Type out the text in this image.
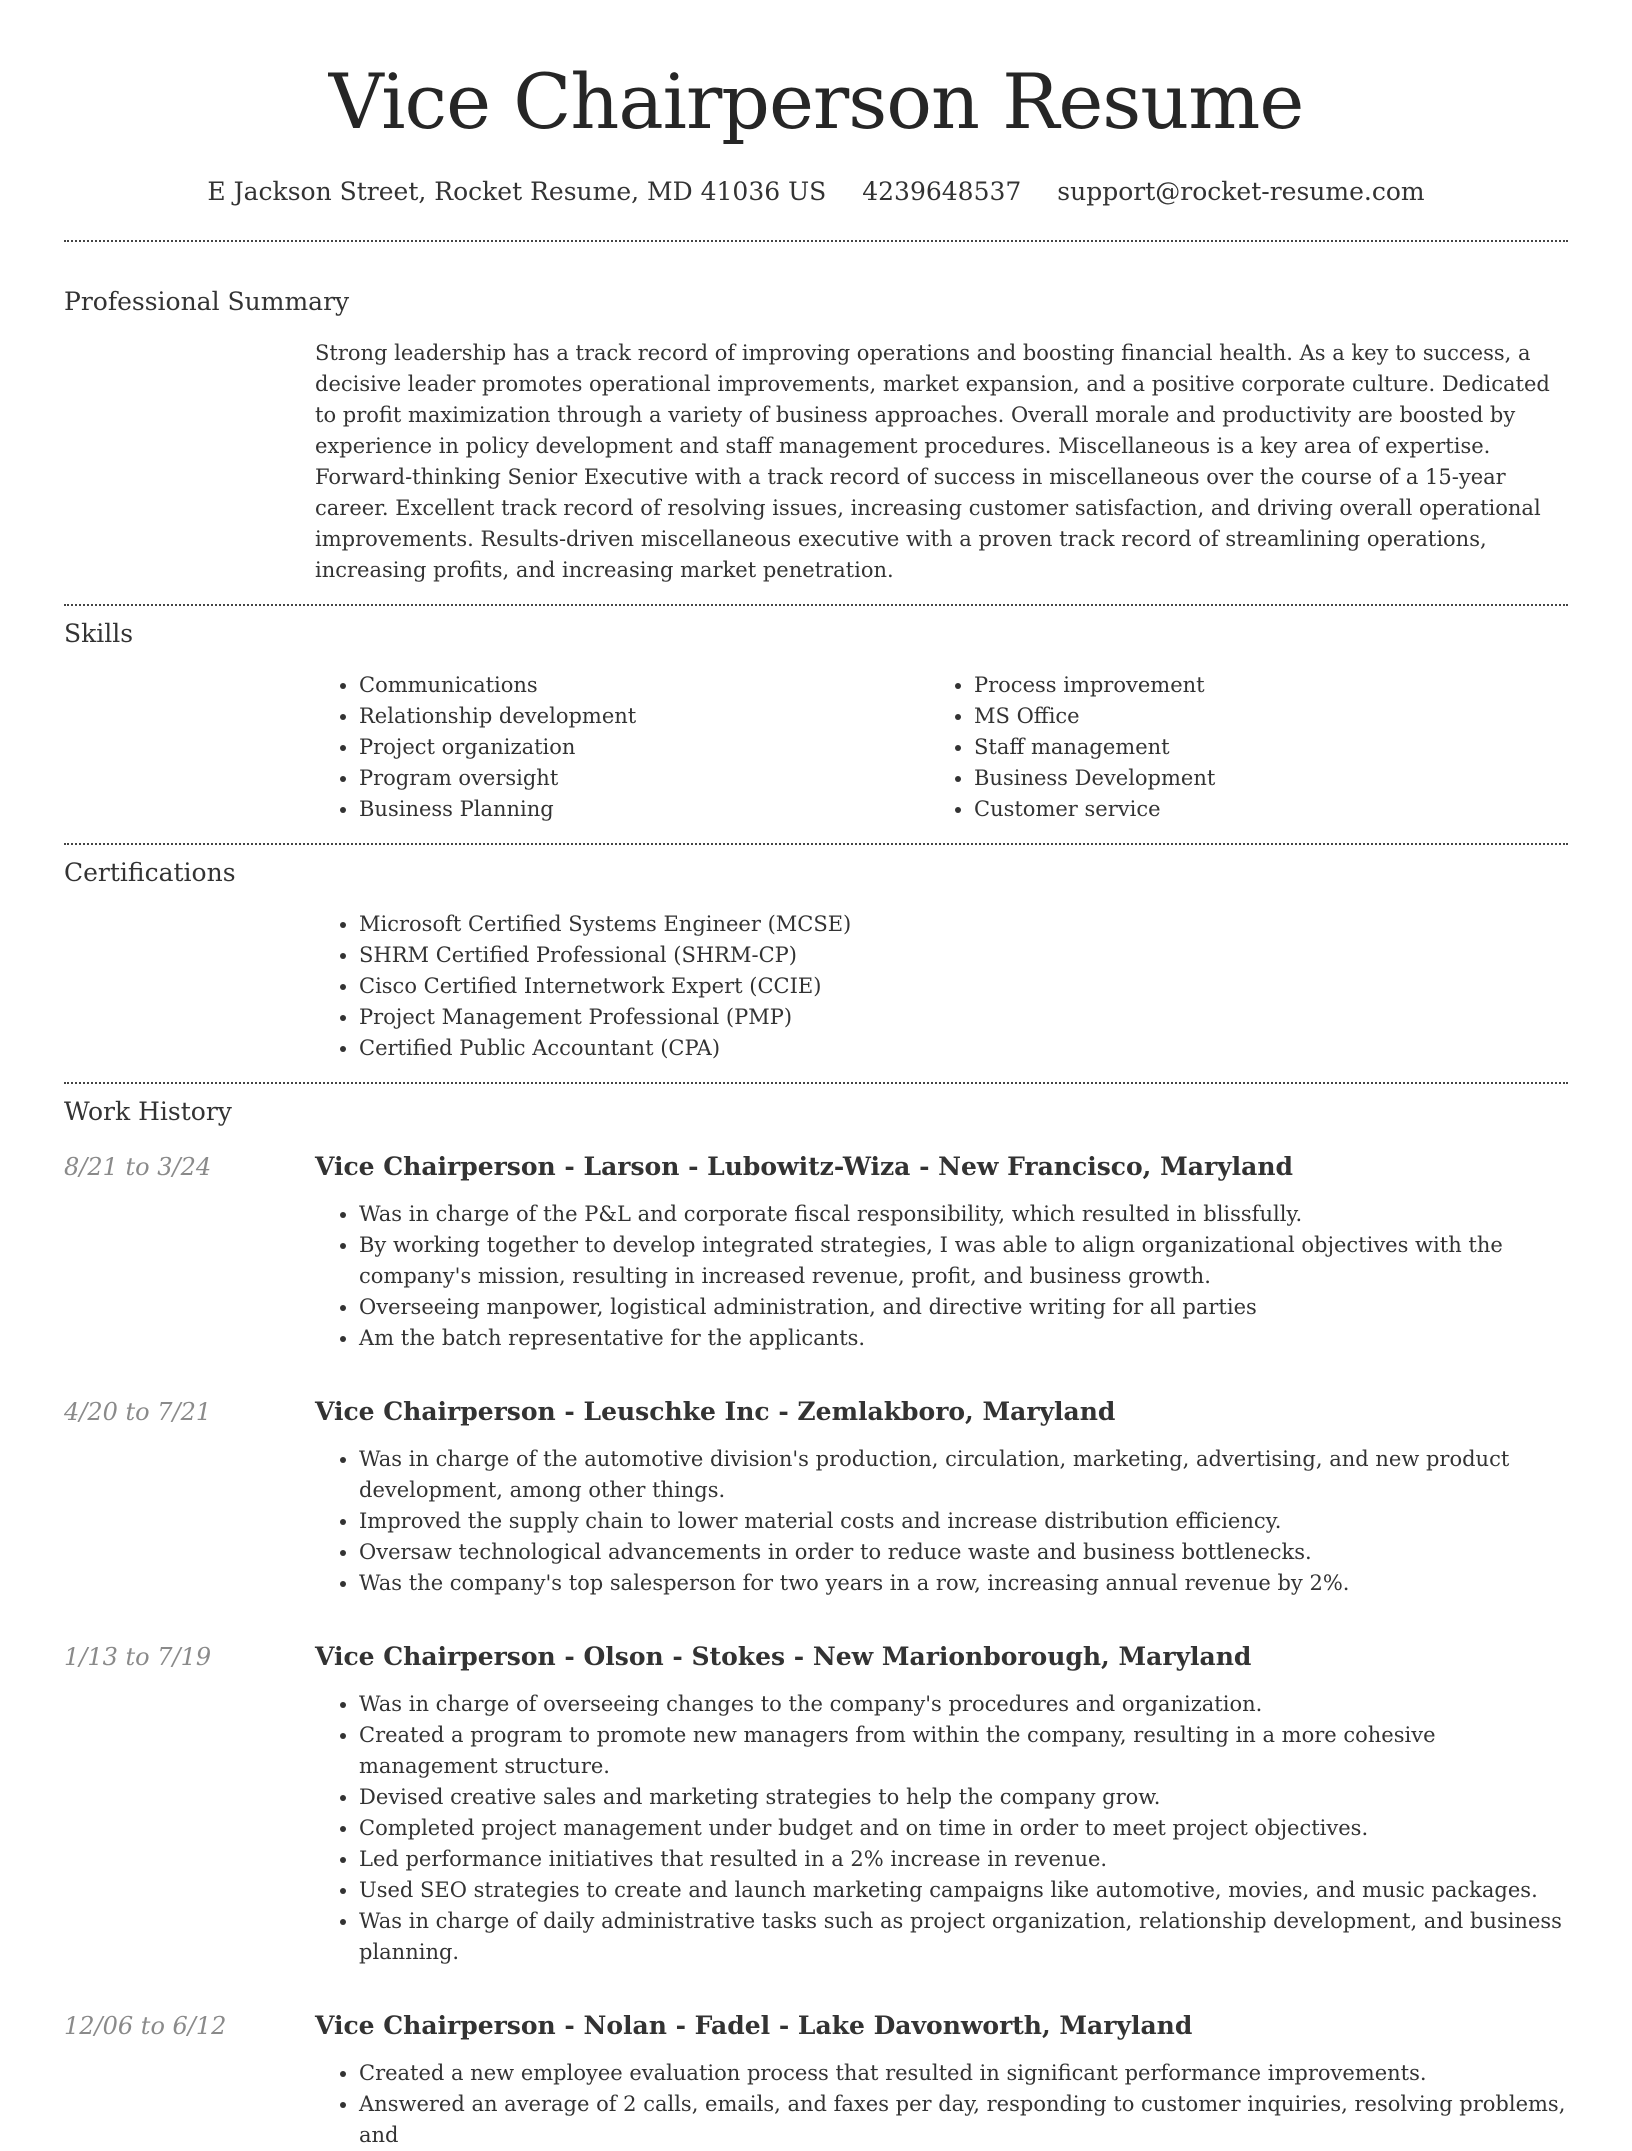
Vice Chairperson Resume
E Jackson Street, Rocket Resume, MD 41036 US 4239648537 support@rocket-resume.com
Professional Summary

Strong leadership has a track record of improving operations and boosting financial health. As a key to success, a decisive leader promotes operational improvements, market expansion, and a positive corporate culture. Dedicated to profit maximization through a variety of business approaches. Overall morale and productivity are boosted by experience in policy development and staff management procedures. Miscellaneous is a key area of expertise. Forward-thinking Senior Executive with a track record of success in miscellaneous over the course of a 15-year career. Excellent track record of resolving issues, increasing customer satisfaction, and driving overall operational improvements. Results-driven miscellaneous executive with a proven track record of streamlining operations, increasing profits, and increasing market penetration.

Skills
• Communications
• Relationship development
• Project organization
• Program oversight
• Business Planning
• Process improvement
• MS Office
• Staff management
• Business Development
• Customer service
Certifications
• Microsoft Certified Systems Engineer (MCSE)
• SHRM Certified Professional (SHRM-CP)
• Cisco Certified Internetwork Expert (CCIE)
• Project Management Professional (PMP)
• Certified Public Accountant (CPA)
Work History
8/21 to 3/24	Vice Chairperson - Larson - Lubowitz-Wiza - New Francisco, Maryland
• Was in charge of the P&L and corporate fiscal responsibility, which resulted in blissfully.
• By working together to develop integrated strategies, I was able to align organizational objectives with the company's mission, resulting in increased revenue, profit, and business growth.
• Overseeing manpower, logistical administration, and directive writing for all parties
• Am the batch representative for the applicants.
4/20 to 7/21	Vice Chairperson - Leuschke Inc - Zemlakboro, Maryland
• Was in charge of the automotive division's production, circulation, marketing, advertising, and new product development, among other things.
• Improved the supply chain to lower material costs and increase distribution efficiency.
• Oversaw technological advancements in order to reduce waste and business bottlenecks.
• Was the company's top salesperson for two years in a row, increasing annual revenue by 2%.
1/13 to 7/19	Vice Chairperson - Olson - Stokes - New Marionborough, Maryland
• Was in charge of overseeing changes to the company's procedures and organization.
• Created a program to promote new managers from within the company, resulting in a more cohesive management structure.
• Devised creative sales and marketing strategies to help the company grow.
• Completed project management under budget and on time in order to meet project objectives.
• Led performance initiatives that resulted in a 2% increase in revenue.
• Used SEO strategies to create and launch marketing campaigns like automotive, movies, and music packages.
• Was in charge of daily administrative tasks such as project organization, relationship development, and business planning.
12/06 to 6/12	Vice Chairperson - Nolan - Fadel - Lake Davonworth, Maryland
• Created a new employee evaluation process that resulted in significant performance improvements.
• Answered an average of 2 calls, emails, and faxes per day, responding to customer inquiries, resolving problems, and
